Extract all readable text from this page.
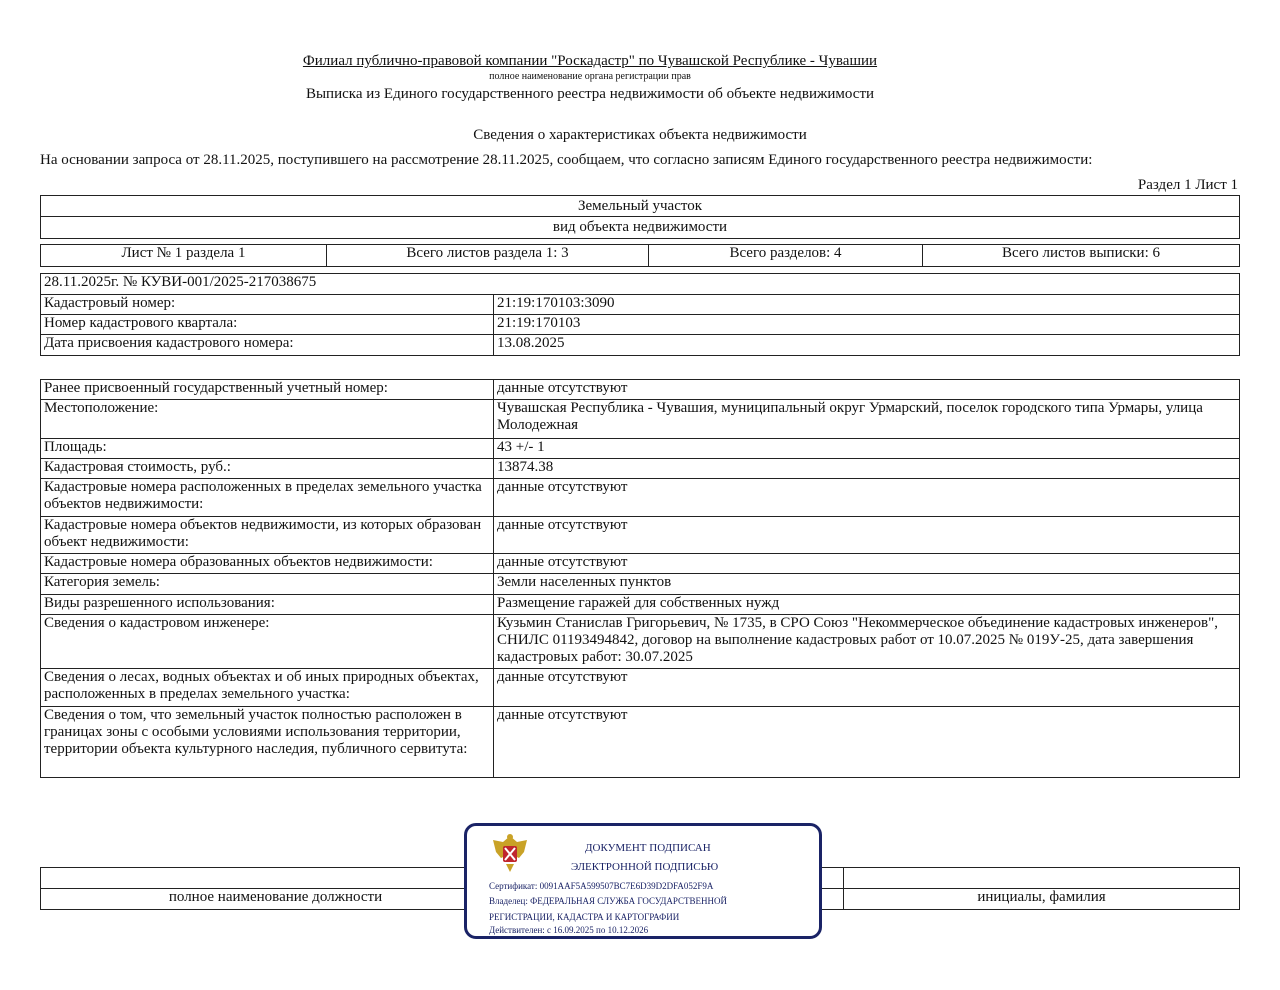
Филиал публично-правовой компании "Роскадастр" по Чувашской Республике - Чувашии
полное наименование органа регистрации прав
Выписка из Единого государственного реестра недвижимости об объекте недвижимости
Сведения о характеристиках объекта недвижимости
На основании запроса от 28.11.2025, поступившего на рассмотрение 28.11.2025, сообщаем, что согласно записям Единого государственного реестра недвижимости:
Раздел 1 Лист 1
Земельный участок
вид объекта недвижимости
Лист № 1 раздела 1	Всего листов раздела 1: 3	Всего разделов: 4	Всего листов выписки: 6
28.11.2025г. № КУВИ-001/2025-217038675	
Кадастровый номер:	21:19:170103:3090
Номер кадастрового квартала:	21:19:170103
Дата присвоения кадастрового номера:	13.08.2025
Ранее присвоенный государственный учетный номер:	данные отсутствуют
Местоположение:	Чувашская Республика - Чувашия, муниципальный округ Урмарский, поселок городского типа Урмары, улица Молодежная
Площадь:	43 +/- 1
Кадастровая стоимость, руб.:	13874.38
Кадастровые номера расположенных в пределах земельного участка объектов недвижимости:	данные отсутствуют
Кадастровые номера объектов недвижимости, из которых образован объект недвижимости:	данные отсутствуют
Кадастровые номера образованных объектов недвижимости:	данные отсутствуют
Категория земель:	Земли населенных пунктов
Виды разрешенного использования:	Размещение гаражей для собственных нужд
Сведения о кадастровом инженере:	Кузьмин Станислав Григорьевич, № 1735, в СРО Союз "Некоммерческое объединение кадастровых инженеров", СНИЛС 01193494842, договор на выполнение кадастровых работ от 10.07.2025 № 019У-25, дата завершения кадастровых работ: 30.07.2025
Сведения о лесах, водных объектах и об иных природных объектах, расположенных в пределах земельного участка:	данные отсутствуют
Сведения о том, что земельный участок полностью расположен в границах зоны с особыми условиями использования территории, территории объекта культурного наследия, публичного сервитута:	данные отсутствуют

полное наименование должности		инициалы, фамилия
ДОКУМЕНТ ПОДПИСАН
ЭЛЕКТРОННОЙ ПОДПИСЬЮ
Сертификат: 0091AAF5A599507BC7E6D39D2DFA052F9A
Владелец: ФЕДЕРАЛЬНАЯ СЛУЖБА ГОСУДАРСТВЕННОЙ
РЕГИСТРАЦИИ, КАДАСТРА И КАРТОГРАФИИ
Действителен: с 16.09.2025 по 10.12.2026
